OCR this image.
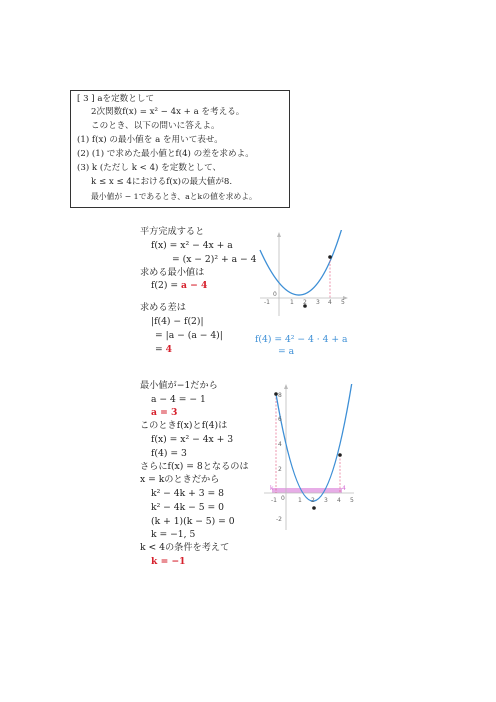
[ 3 ] aを定数として
2次関数f(x) = x² − 4x + a を考える。
このとき、以下の問いに答えよ。
(1) f(x) の最小値を a を用いて表せ。
(2) (1) で求めた最小値とf(4) の差を求めよ。
(3) k (ただし k < 4) を定数として、
k ≤ x ≤ 4におけるf(x)の最大値が8.
最小値が − 1であるとき、aとkの値を求めよ。
平方完成すると
f(x) = x² − 4x + a
= (x − 2)² + a − 4
求める最小値は
f(2) = a − 4
求める差は
|f(4) − f(2)|
= |a − (a − 4)|
= 4
f(4) = 4² − 4 · 4 + a
= a
-1
0
1 2 3 4 5
最小値が−1だから
a − 4 = − 1
a = 3
このときf(x)とf(4)は
f(x) = x² − 4x + 3
f(4) = 3
さらにf(x) = 8となるのは
x = kのときだから
k² − 4k + 3 = 8
k² − 4k − 5 = 0
(k + 1)(k − 5) = 0
k = −1, 5
k < 4の条件を考えて
k = −1
8
6
4
2
-2
k	4
-1 0 1 2 3 4 5
